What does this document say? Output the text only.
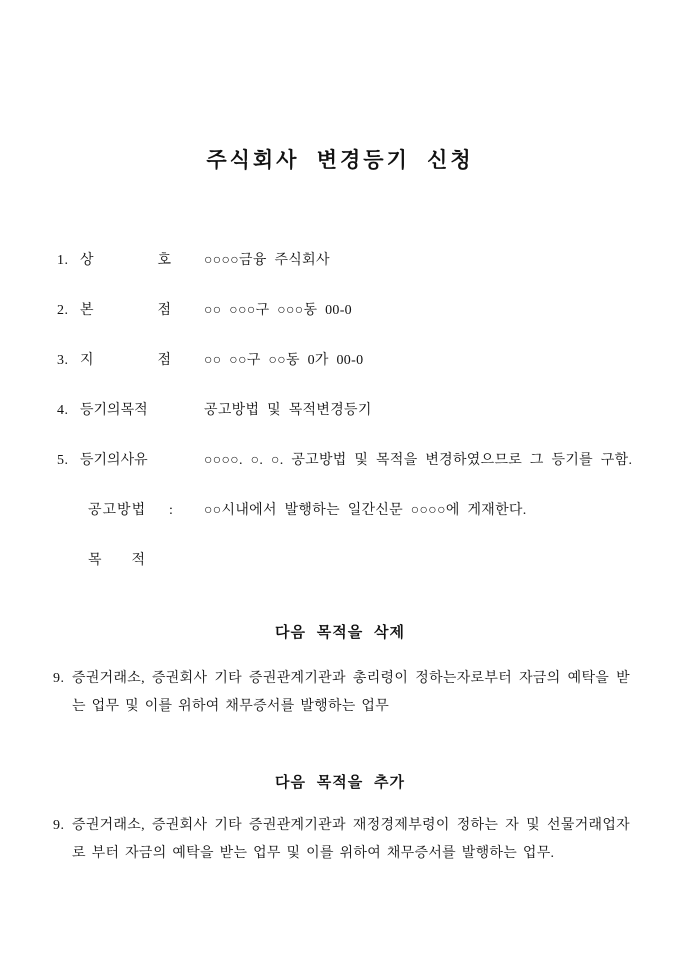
주식회사 변경등기 신청
1. 상 호 ○○○○금융 주식회사
2. 본 점 ○○ ○○○구 ○○○동 00-0
3. 지 점 ○○ ○○구 ○○동 0가 00-0
4. 등기의목적	공고방법 및 목적변경등기
5. 등기의사유	○○○○. ○. ○. 공고방법 및 목적을 변경하였으므로 그 등기를 구함.
공고방법 : ○○시내에서 발행하는 일간신문 ○○○○에 게재한다.
목 적
다음 목적을 삭제
9. 증권거래소, 증권회사 기타 증권관계기관과 총리령이 정하는자로부터 자금의 예탁을 받는 업무 및 이를 위하여 채무증서를 발행하는 업무
다음 목적을 추가
9. 증권거래소, 증권회사 기타 증권관계기관과 재정경제부령이 정하는 자 및 선물거래업자로 부터 자금의 예탁을 받는 업무 및 이를 위하여 채무증서를 발행하는 업무.
